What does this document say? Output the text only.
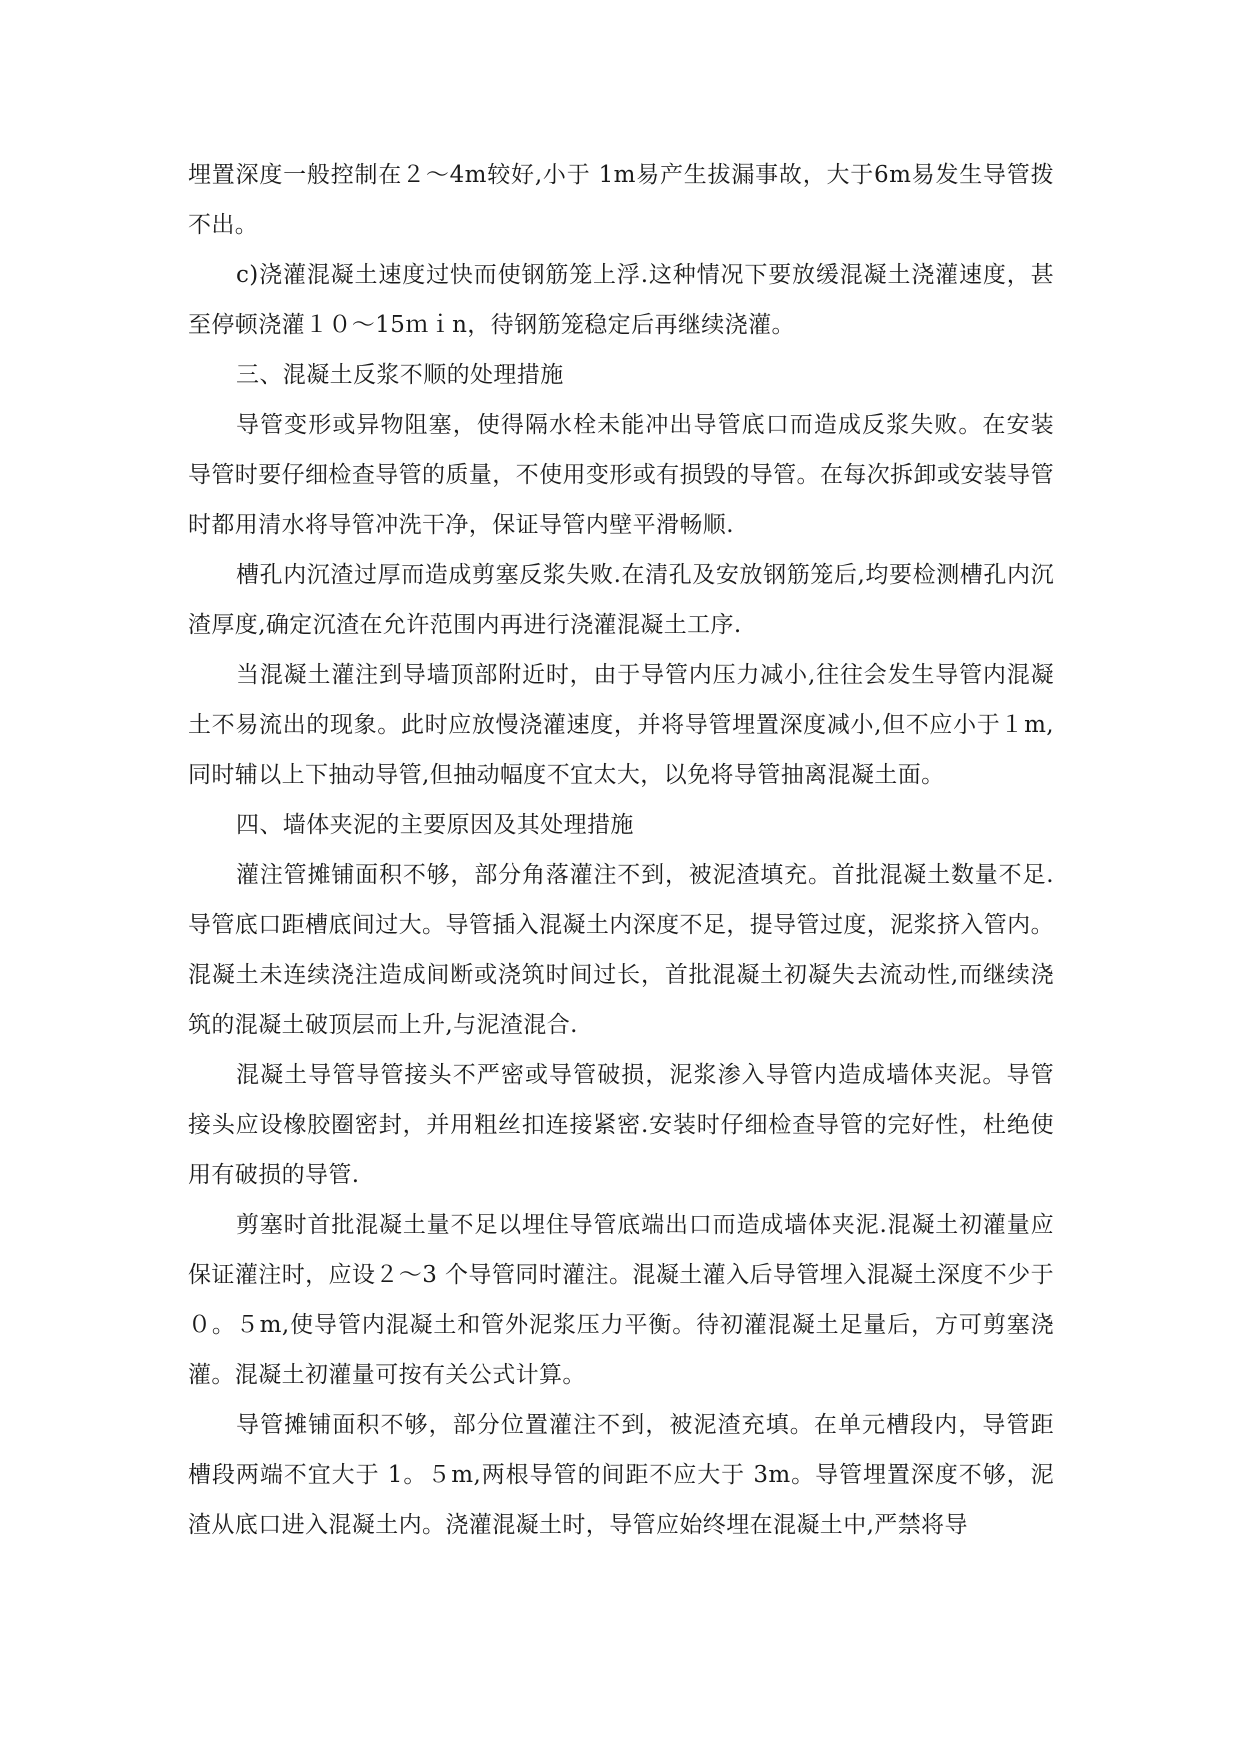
埋置深度一般控制在２～4m较好,小于 1m易产生拔漏事故，大于6m易发生导管拨不出。

c)浇灌混凝土速度过快而使钢筋笼上浮.这种情况下要放缓混凝土浇灌速度，甚至停顿浇灌１０～15ｍｉn，待钢筋笼稳定后再继续浇灌。

三、混凝土反浆不顺的处理措施

导管变形或异物阻塞，使得隔水栓未能冲出导管底口而造成反浆失败。在安装导管时要仔细检查导管的质量，不使用变形或有损毁的导管。在每次拆卸或安装导管时都用清水将导管冲洗干净，保证导管内壁平滑畅顺.

槽孔内沉渣过厚而造成剪塞反浆失败.在清孔及安放钢筋笼后,均要检测槽孔内沉渣厚度,确定沉渣在允许范围内再进行浇灌混凝土工序.

当混凝土灌注到导墙顶部附近时，由于导管内压力减小,往往会发生导管内混凝土不易流出的现象。此时应放慢浇灌速度，并将导管埋置深度减小,但不应小于１m,同时辅以上下抽动导管,但抽动幅度不宜太大，以免将导管抽离混凝土面。

四、墙体夹泥的主要原因及其处理措施

灌注管摊铺面积不够，部分角落灌注不到，被泥渣填充。首批混凝土数量不足.导管底口距槽底间过大。导管插入混凝土内深度不足，提导管过度，泥浆挤入管内。混凝土未连续浇注造成间断或浇筑时间过长，首批混凝土初凝失去流动性,而继续浇筑的混凝土破顶层而上升,与泥渣混合.

混凝土导管导管接头不严密或导管破损，泥浆渗入导管内造成墙体夹泥。导管接头应设橡胶圈密封，并用粗丝扣连接紧密.安装时仔细检查导管的完好性，杜绝使用有破损的导管.

剪塞时首批混凝土量不足以埋住导管底端出口而造成墙体夹泥.混凝土初灌量应保证灌注时，应设２～3 个导管同时灌注。混凝土灌入后导管埋入混凝土深度不少于０。５m,使导管内混凝土和管外泥浆压力平衡。待初灌混凝土足量后，方可剪塞浇灌。混凝土初灌量可按有关公式计算。

导管摊铺面积不够，部分位置灌注不到，被泥渣充填。在单元槽段内，导管距槽段两端不宜大于 1。５m,两根导管的间距不应大于 3m。导管埋置深度不够，泥渣从底口进入混凝土内。浇灌混凝土时，导管应始终埋在混凝土中,严禁将导
